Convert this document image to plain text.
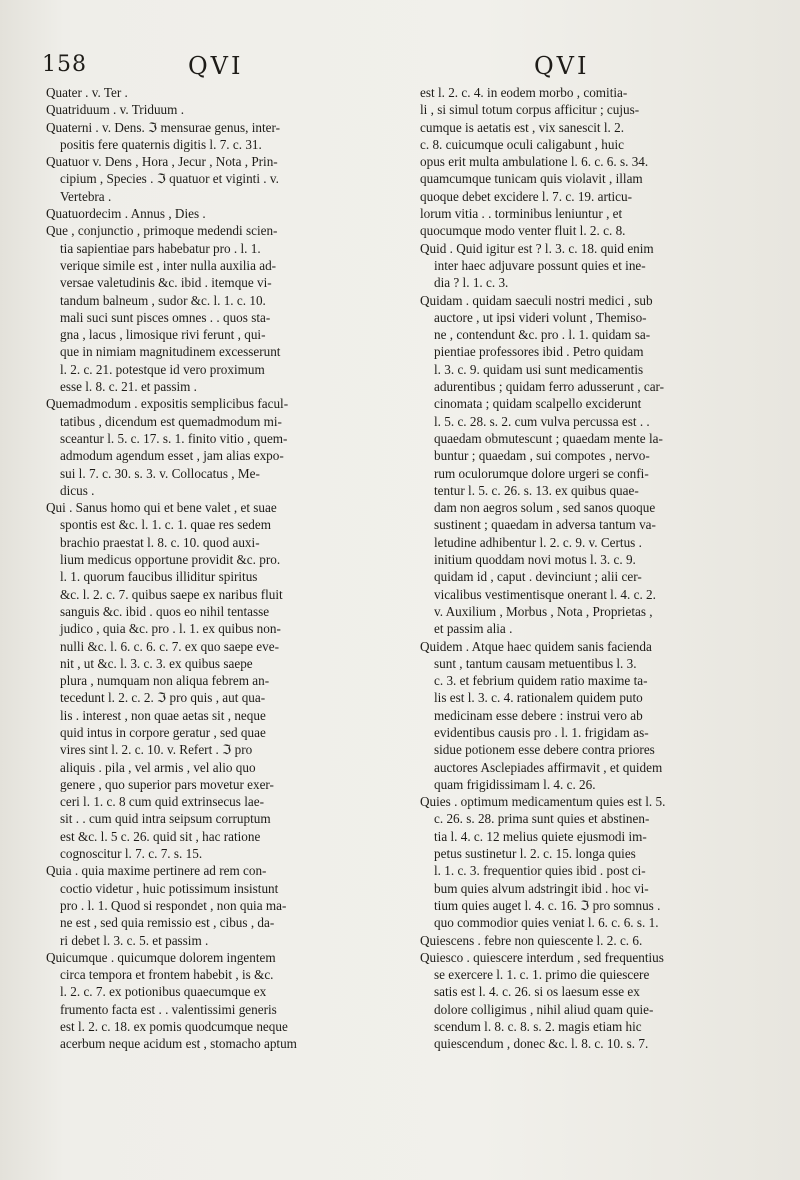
158	QVI	QVI

Quater . v. Ter .

Quatriduum . v. Triduum .

Quaterni . v. Dens. ℑ mensurae genus, inter-
positis fere quaternis digitis l. 7. c. 31.

Quatuor v. Dens , Hora , Jecur , Nota , Prin-
cipium , Species . ℑ quatuor et viginti . v.
Vertebra .

Quatuordecim . Annus , Dies .

Que , conjunctio , primoque medendi scien-
tia sapientiae pars habebatur pro . l. 1.
verique simile est , inter nulla auxilia ad-
versae valetudinis &c. ibid . itemque vi-
tandum balneum , sudor &c. l. 1. c. 10.
mali suci sunt pisces omnes . . quos sta-
gna , lacus , limosique rivi ferunt , qui-
que in nimiam magnitudinem excesserunt
l. 2. c. 21. potestque id vero proximum
esse l. 8. c. 21. et passim .

Quemadmodum . expositis semplicibus facul-
tatibus , dicendum est quemadmodum mi-
sceantur l. 5. c. 17. s. 1. finito vitio , quem-
admodum agendum esset , jam alias expo-
sui l. 7. c. 30. s. 3. v. Collocatus , Me-
dicus .

Qui . Sanus homo qui et bene valet , et suae
spontis est &c. l. 1. c. 1. quae res sedem
brachio praestat l. 8. c. 10. quod auxi-
lium medicus opportune providit &c. pro.
l. 1. quorum faucibus illiditur spiritus
&c. l. 2. c. 7. quibus saepe ex naribus fluit
sanguis &c. ibid . quos eo nihil tentasse
judico , quia &c. pro . l. 1. ex quibus non-
nulli &c. l. 6. c. 6. c. 7. ex quo saepe eve-
nit , ut &c. l. 3. c. 3. ex quibus saepe
plura , numquam non aliqua febrem an-
tecedunt l. 2. c. 2. ℑ pro quis , aut qua-
lis . interest , non quae aetas sit , neque
quid intus in corpore geratur , sed quae
vires sint l. 2. c. 10. v. Refert . ℑ pro
aliquis . pila , vel armis , vel alio quo
genere , quo superior pars movetur exer-
ceri l. 1. c. 8 cum quid extrinsecus lae-
sit . . cum quid intra seipsum corruptum
est &c. l. 5 c. 26. quid sit , hac ratione
cognoscitur l. 7. c. 7. s. 15.

Quia . quia maxime pertinere ad rem con-
coctio videtur , huic potissimum insistunt
pro . l. 1. Quod si respondet , non quia ma-
ne est , sed quia remissio est , cibus , da-
ri debet l. 3. c. 5. et passim .

Quicumque . quicumque dolorem ingentem
circa tempora et frontem habebit , is &c.
l. 2. c. 7. ex potionibus quaecumque ex
frumento facta est . . valentissimi generis
est l. 2. c. 18. ex pomis quodcumque neque
acerbum neque acidum est , stomacho aptum

est l. 2. c. 4. in eodem morbo , comitia-
li , si simul totum corpus afficitur ; cujus-
cumque is aetatis est , vix sanescit l. 2.
c. 8. cuicumque oculi caligabunt , huic
opus erit multa ambulatione l. 6. c. 6. s. 34.
quamcumque tunicam quis violavit , illam
quoque debet excidere l. 7. c. 19. articu-
lorum vitia . . torminibus leniuntur , et
quocumque modo venter fluit l. 2. c. 8.

Quid . Quid igitur est ? l. 3. c. 18. quid enim
inter haec adjuvare possunt quies et ine-
dia ? l. 1. c. 3.

Quidam . quidam saeculi nostri medici , sub
auctore , ut ipsi videri volunt , Themiso-
ne , contendunt &c. pro . l. 1. quidam sa-
pientiae professores ibid . Petro quidam
l. 3. c. 9. quidam usi sunt medicamentis
adurentibus ; quidam ferro adusserunt , car-
cinomata ; quidam scalpello exciderunt
l. 5. c. 28. s. 2. cum vulva percussa est . .
quaedam obmutescunt ; quaedam mente la-
buntur ; quaedam , sui compotes , nervo-
rum oculorumque dolore urgeri se confi-
tentur l. 5. c. 26. s. 13. ex quibus quae-
dam non aegros solum , sed sanos quoque
sustinent ; quaedam in adversa tantum va-
letudine adhibentur l. 2. c. 9. v. Certus .
initium quoddam novi motus l. 3. c. 9.
quidam id , caput . devinciunt ; alii cer-
vicalibus vestimentisque onerant l. 4. c. 2.
v. Auxilium , Morbus , Nota , Proprietas ,
et passim alia .

Quidem . Atque haec quidem sanis facienda
sunt , tantum causam metuentibus l. 3.
c. 3. et febrium quidem ratio maxime ta-
lis est l. 3. c. 4. rationalem quidem puto
medicinam esse debere : instrui vero ab
evidentibus causis pro . l. 1. frigidam as-
sidue potionem esse debere contra priores
auctores Asclepiades affirmavit , et quidem
quam frigidissimam l. 4. c. 26.

Quies . optimum medicamentum quies est l. 5.
c. 26. s. 28. prima sunt quies et abstinen-
tia l. 4. c. 12 melius quiete ejusmodi im-
petus sustinetur l. 2. c. 15. longa quies
l. 1. c. 3. frequentior quies ibid . post ci-
bum quies alvum adstringit ibid . hoc vi-
tium quies auget l. 4. c. 16. ℑ pro somnus .
quo commodior quies veniat l. 6. c. 6. s. 1.

Quiescens . febre non quiescente l. 2. c. 6.

Quiesco . quiescere interdum , sed frequentius
se exercere l. 1. c. 1. primo die quiescere
satis est l. 4. c. 26. si os laesum esse ex
dolore colligimus , nihil aliud quam quie-
scendum l. 8. c. 8. s. 2. magis etiam hic
quiescendum , donec &c. l. 8. c. 10. s. 7.
